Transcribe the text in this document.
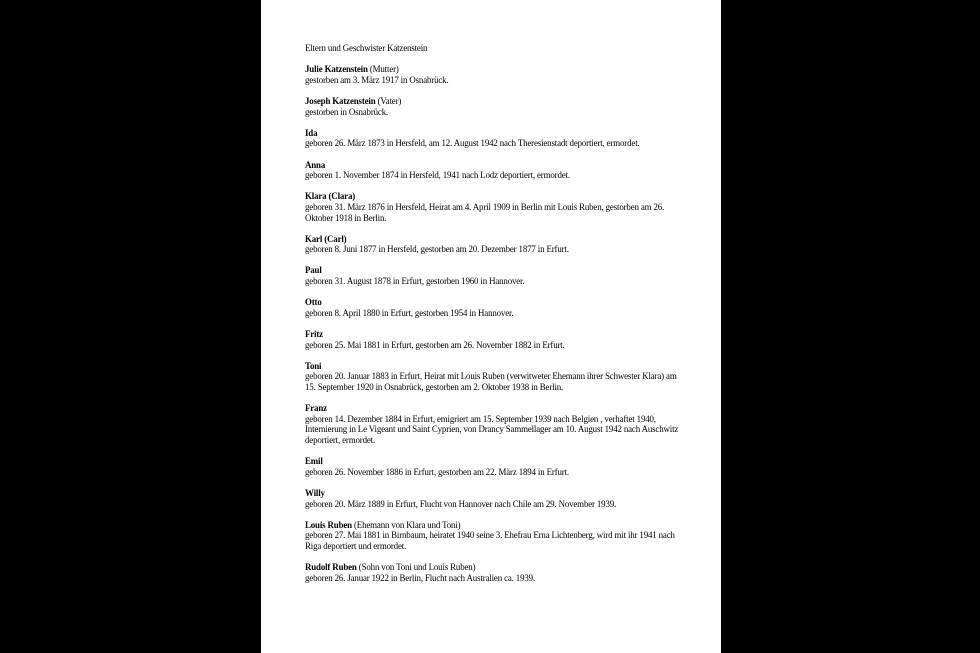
Eltern und Geschwister Katzenstein
Julie Katzenstein (Mutter)
gestorben am 3. März 1917 in Osnabrück.
Joseph Katzenstein (Vater)
gestorben in Osnabrück.
Ida
geboren 26. März 1873 in Hersfeld, am 12. August 1942 nach Theresienstadt deportiert, ermordet.
Anna
geboren 1. November 1874 in Hersfeld, 1941 nach Lodz deportiert, ermordet.
Klara (Clara)
geboren 31. März 1876 in Hersfeld, Heirat am 4. April 1909 in Berlin mit Louis Ruben, gestorben am 26. Oktober 1918 in Berlin.
Karl (Carl)
geboren 8. Juni 1877 in Hersfeld, gestorben am 20. Dezember 1877 in Erfurt.
Paul
geboren 31. August 1878 in Erfurt, gestorben 1960 in Hannover.
Otto
geboren 8. April 1880 in Erfurt, gestorben 1954 in Hannover.
Fritz
geboren 25. Mai 1881 in Erfurt, gestorben am 26. November 1882 in Erfurt.
Toni
geboren 20. Januar 1883 in Erfurt, Heirat mit Louis Ruben (verwitweter Ehemann ihrer Schwester Klara) am 15. September 1920 in Osnabrück, gestorben am 2. Oktober 1938 in Berlin.
Franz
geboren 14. Dezember 1884 in Erfurt, emigriert am 15. September 1939 nach Belgien , verhaftet 1940, Internierung in Le Vigeant und Saint Cyprien, von Drancy Sammellager am 10. August 1942 nach Auschwitz deportiert, ermordet.
Emil
geboren 26. November 1886 in Erfurt, gestorben am 22. März 1894 in Erfurt.
Willy
geboren 20. März 1889 in Erfurt, Flucht von Hannover nach Chile am 29. November 1939.
Louis Ruben (Ehemann von Klara und Toni)
geboren 27. Mai 1881 in Birnbaum, heiratet 1940 seine 3. Ehefrau Erna Lichtenberg, wird mit ihr 1941 nach Riga deportiert und ermordet.
Rudolf Ruben (Sohn von Toni und Louis Ruben)
geboren 26. Januar 1922 in Berlin, Flucht nach Australien ca. 1939.
